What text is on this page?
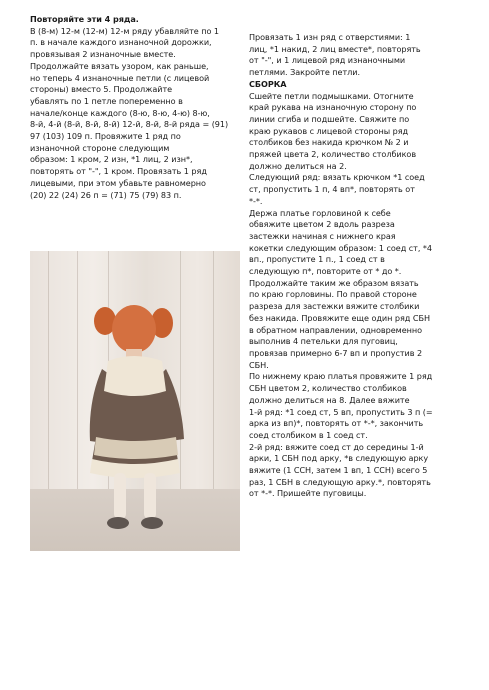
Повторяйте эти 4 ряда.

В (8-м) 12-м (12-м) 12-м ряду убавляйте по 1

п. в начале каждого изнаночной дорожки,

провязывая 2 изнаночные вместе.

Продолжайте вязать узором, как раньше,

но теперь 4 изнаночные петли (с лицевой

стороны) вместо 5. Продолжайте

убавлять по 1 петле попеременно в

начале/конце каждого (8-ю, 8-ю, 4-ю) 8-ю,

8-й, 4-й (8-й, 8-й, 8-й) 12-й, 8-й, 8-й ряда = (91)

97 (103) 109 п. Провяжите 1 ряд по

изнаночной стороне следующим

образом: 1 кром, 2 изн, *1 лиц, 2 изн*,

повторять от "-", 1 кром. Провязать 1 ряд

лицевыми, при этом убавьте равномерно

(20) 22 (24) 26 п = (71) 75 (79) 83 п.

Провязать 1 изн ряд с отверстиями: 1

лиц, *1 накид, 2 лиц вместе*, повторять

от "-", и 1 лицевой ряд изнаночными

петлями. Закройте петли.

СБОРКА

Сшейте петли подмышками. Отогните

край рукава на изнаночную сторону по

линии сгиба и подшейте. Свяжите по

краю рукавов с лицевой стороны ряд

столбиков без накида крючком № 2 и

пряжей цвета 2, количество столбиков

должно делиться на 2.

Следующий ряд: вязать крючком *1 соед

ст, пропустить 1 п, 4 вп*, повторять от

*-*.

Держа платье горловиной к себе

обвяжите цветом 2 вдоль разреза

застежки начиная с нижнего края

кокетки следующим образом: 1 соед ст, *4

вп., пропустите 1 п., 1 соед ст в

следующую п*, повторите от * до *.

Продолжайте таким же образом вязать

по краю горловины. По правой стороне

разреза для застежки вяжите столбики

без накида. Провяжите еще один ряд СБН

в обратном направлении, одновременно

выполнив 4 петельки для пуговиц,

провязав примерно 6-7 вп и пропустив 2

СБН.

По нижнему краю платья провяжите 1 ряд

СБН цветом 2, количество столбиков

должно делиться на 8. Далее вяжите

1-й ряд: *1 соед ст, 5 вп, пропустить 3 п (=

арка из вп)*, повторять от *-*, закончить

соед столбиком в 1 соед ст.

2-й ряд: вяжите соед ст до середины 1-й

арки, 1 СБН под арку, *в следующую арку

вяжите (1 ССН, затем 1 вп, 1 ССН) всего 5

раз, 1 СБН в следующую арку.*, повторять

от *-*. Пришейте пуговицы.
